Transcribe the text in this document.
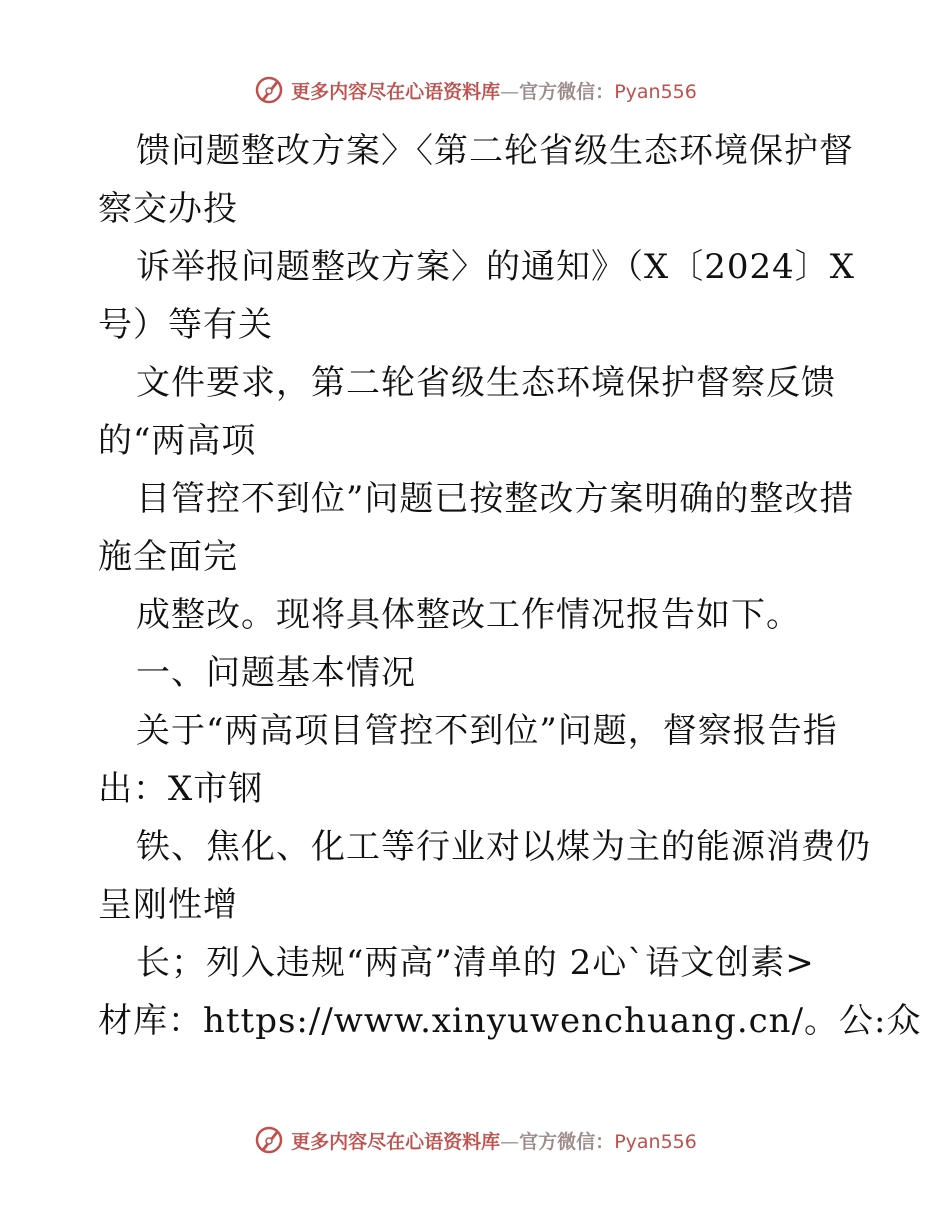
更多内容尽在心语资料库—官方微信：Pyan556
馈问题整改方案〉〈第二轮省级生态环境保护督
察交办投
诉举报问题整改方案〉的通知》（X〔2024〕X
号）等有关
文件要求，第二轮省级生态环境保护督察反馈
的“两高项
目管控不到位”问题已按整改方案明确的整改措
施全面完
成整改。现将具体整改工作情况报告如下。
一、问题基本情况
关于“两高项目管控不到位”问题，督察报告指
出：X市钢
铁、焦化、化工等行业对以煤为主的能源消费仍
呈刚性增
长；列入违规“两高”清单的 2心`语文创素>
材库：https://www.xinyuwenchuang.cn/。公:众
更多内容尽在心语资料库—官方微信：Pyan556
